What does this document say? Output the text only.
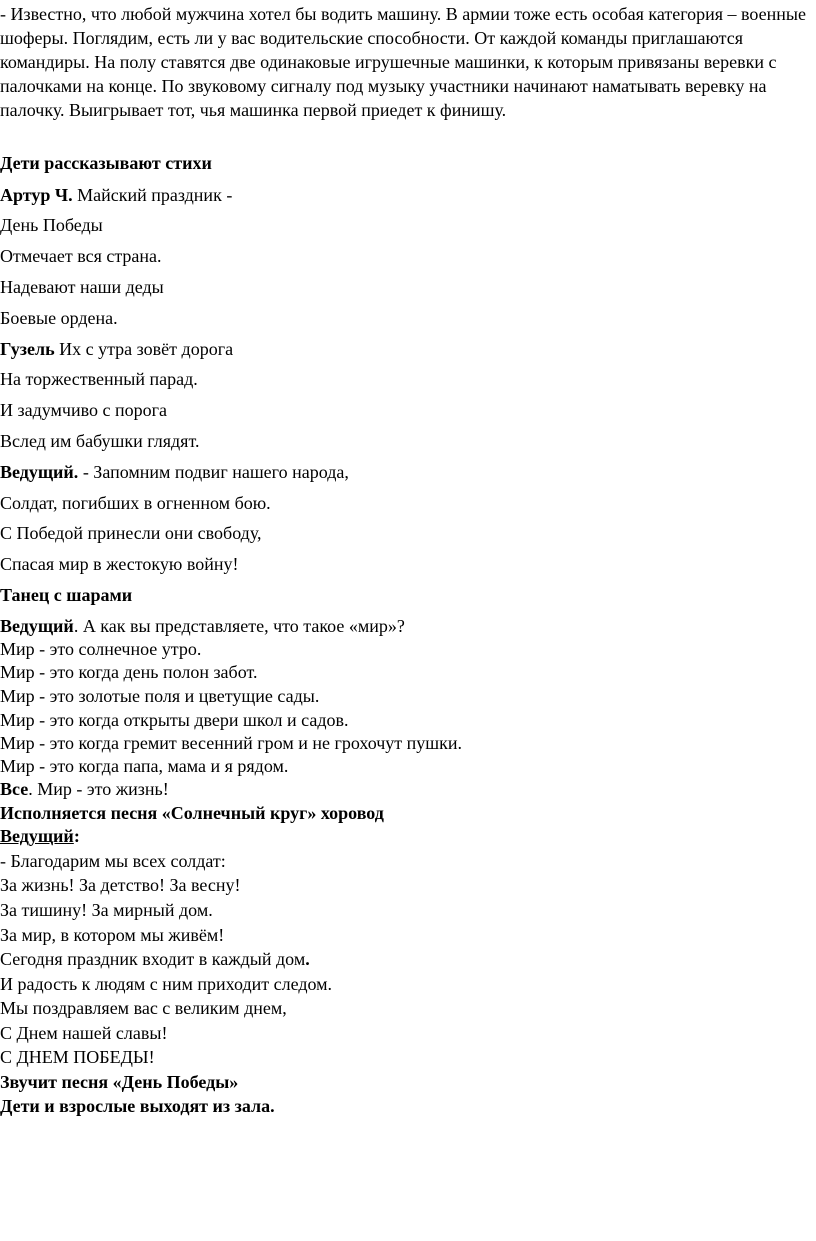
- Известно, что любой мужчина хотел бы водить машину. В армии тоже есть особая категория – военные шоферы. Поглядим, есть ли у вас водительские способности. От каждой команды приглашаются командиры. На полу ставятся две одинаковые игрушечные машинки, к которым привязаны веревки с палочками на конце. По звуковому сигналу под музыку участники начинают наматывать веревку на палочку. Выигрывает тот, чья машинка первой приедет к финишу.

Дети рассказывают стихи

Артур Ч. Майский праздник -

День Победы

Отмечает вся страна.

Надевают наши деды

Боевые ордена.

Гузель Их с утра зовёт дорога

На торжественный парад.

И задумчиво с порога

Вслед им бабушки глядят.

Ведущий. - Запомним подвиг нашего народа,

Солдат, погибших в огненном бою.

С Победой принесли они свободу,

Спасая мир в жестокую войну!

Танец с шарами

Ведущий. А как вы представляете, что такое «мир»?

Мир - это солнечное утро.

Мир - это когда день полон забот.

Мир - это золотые поля и цветущие сады.

Мир - это когда открыты двери школ и садов.

Мир - это когда гремит весенний гром и не грохочут пушки.

Мир - это когда папа, мама и я рядом.

Все. Мир - это жизнь!

Исполняется песня «Солнечный круг» хоровод

Ведущий:

- Благодарим мы всех солдат:

За жизнь! За детство! За весну!

За тишину! За мирный дом.

За мир, в котором мы живём!

Сегодня праздник входит в каждый дом.

И радость к людям с ним приходит следом.

Мы поздравляем вас с великим днем,

С Днем нашей славы!

С ДНЕМ ПОБЕДЫ!

Звучит песня «День Победы»

Дети и взрослые выходят из зала.
